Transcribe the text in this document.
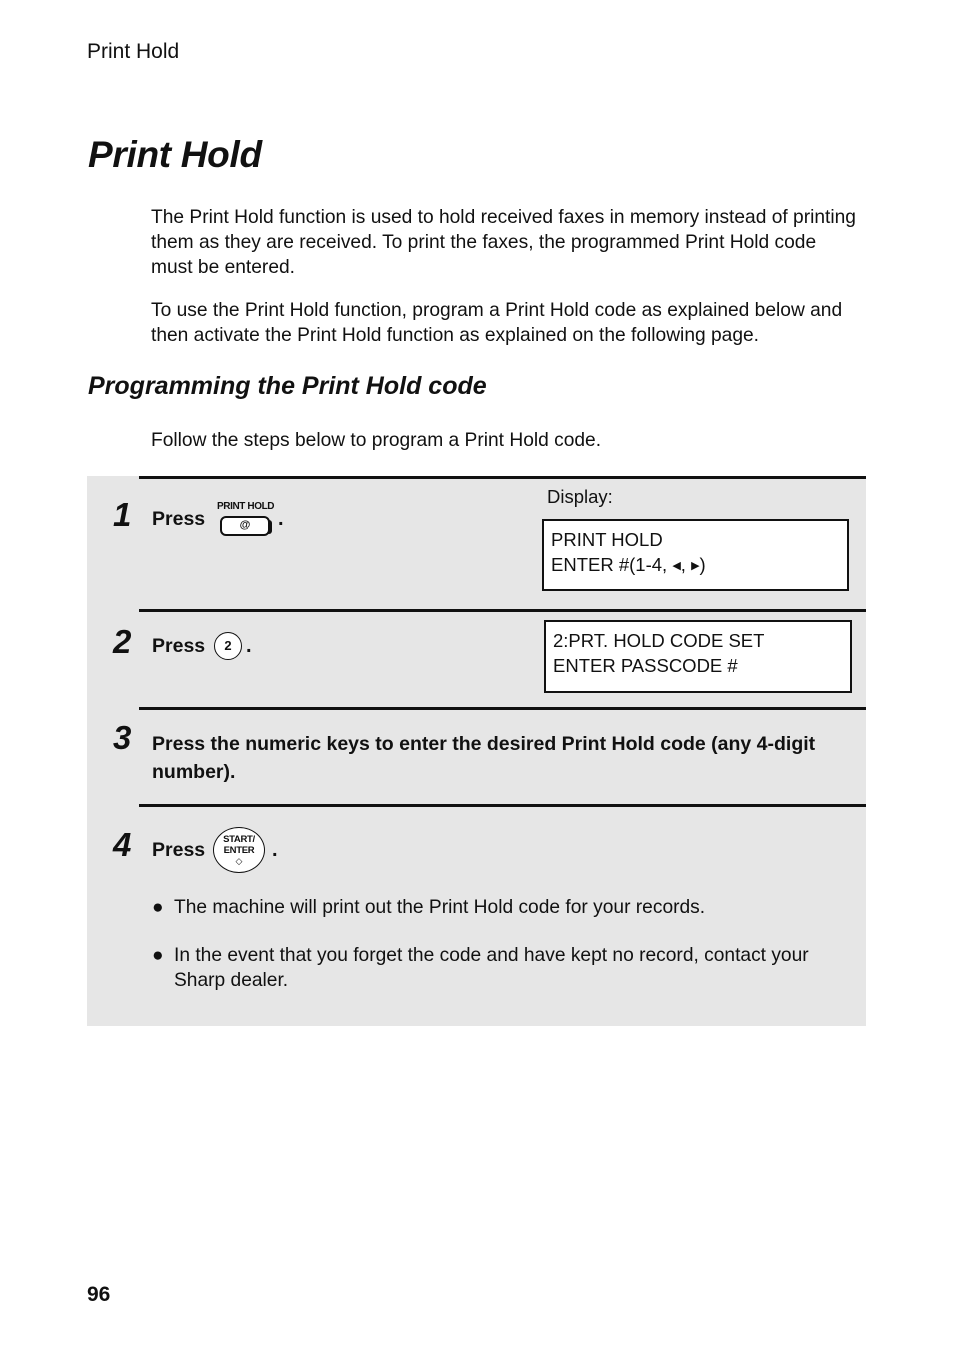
Print Hold
Print Hold
The Print Hold function is used to hold received faxes in memory instead of printing them as they are received. To print the faxes, the programmed Print Hold code must be entered.
To use the Print Hold function, program a Print Hold code as explained below and then activate the Print Hold function as explained on the following page.
Programming the Print Hold code
Follow the steps below to program a Print Hold code.
1 Press
PRINT HOLD
@	.
Display:
PRINT HOLD
ENTER #(1-4, ◀, ▶)
2 Press	2 .	2:PRT. HOLD CODE SET
ENTER PASSCODE #
3 Press the numeric keys to enter the desired Print Hold code (any 4-digit number).
4 Press	START/
ENTER
◇	.
● The machine will print out the Print Hold code for your records.
● In the event that you forget the code and have kept no record, contact your Sharp dealer.
96
